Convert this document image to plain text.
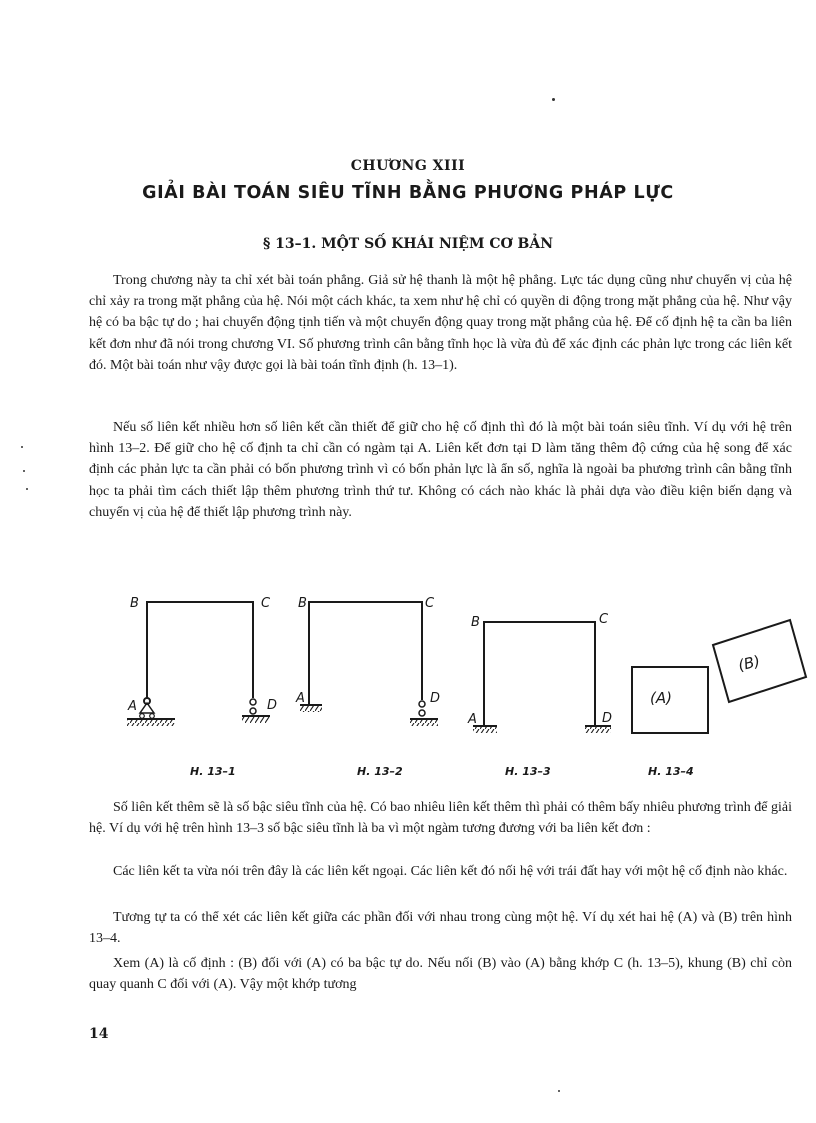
CHƯƠNG XIII
GIẢI BÀI TOÁN SIÊU TĨNH BẰNG PHƯƠNG PHÁP LỰC
§ 13–1. MỘT SỐ KHÁI NIỆM CƠ BẢN

Trong chương này ta chỉ xét bài toán phẳng. Giả sử hệ thanh là một hệ phẳng. Lực tác dụng cũng như chuyển vị của hệ chỉ xảy ra trong mặt phẳng của hệ. Nói một cách khác, ta xem như hệ chỉ có quyền di động trong mặt phẳng của hệ. Như vậy hệ có ba bậc tự do ; hai chuyển động tịnh tiến và một chuyển động quay trong mặt phẳng của hệ. Để cố định hệ ta cần ba liên kết đơn như đã nói trong chương VI. Số phương trình cân bằng tĩnh học là vừa đủ để xác định các phản lực trong các liên kết đó. Một bài toán như vậy được gọi là bài toán tĩnh định (h. 13–1).

Nếu số liên kết nhiều hơn số liên kết cần thiết để giữ cho hệ cố định thì đó là một bài toán siêu tĩnh. Ví dụ với hệ trên hình 13–2. Để giữ cho hệ cố định ta chỉ cần có ngàm tại A. Liên kết đơn tại D làm tăng thêm độ cứng của hệ song để xác định các phản lực ta cần phải có bốn phương trình vì có bốn phản lực là ẩn số, nghĩa là ngoài ba phương trình cân bằng tĩnh học ta phải tìm cách thiết lập thêm phương trình thứ tư. Không có cách nào khác là phải dựa vào điều kiện biến dạng và chuyển vị của hệ để thiết lập phương trình này.

B	C
A	D
H. 13–1
B	C
A	D
H. 13–2
B	C
A	D
H. 13–3
(A)
(B)
H. 13–4

Số liên kết thêm sẽ là số bậc siêu tĩnh của hệ. Có bao nhiêu liên kết thêm thì phải có thêm bấy nhiêu phương trình để giải hệ. Ví dụ với hệ trên hình 13–3 số bậc siêu tĩnh là ba vì một ngàm tương đương với ba liên kết đơn :

Các liên kết ta vừa nói trên đây là các liên kết ngoại. Các liên kết đó nối hệ với trái đất hay với một hệ cố định nào khác.

Tương tự ta có thể xét các liên kết giữa các phần đối với nhau trong cùng một hệ. Ví dụ xét hai hệ (A) và (B) trên hình 13–4.

Xem (A) là cố định : (B) đối với (A) có ba bậc tự do. Nếu nối (B) vào (A) bằng khớp C (h. 13–5), khung (B) chỉ còn quay quanh C đối với (A). Vậy một khớp tương

14
